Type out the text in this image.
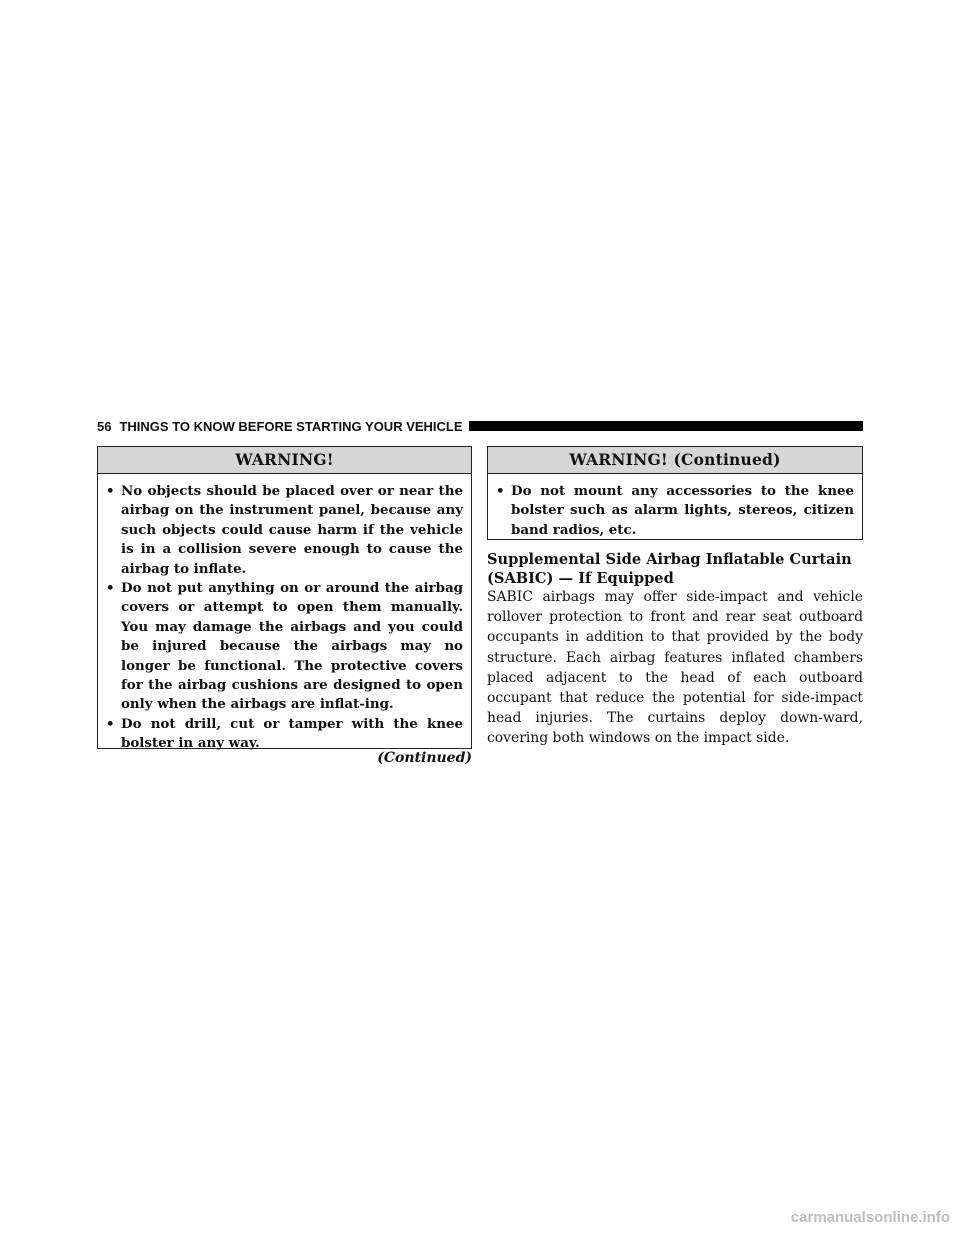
56 THINGS TO KNOW BEFORE STARTING YOUR VEHICLE
WARNING!
• No objects should be placed over or near the airbag on the instrument panel, because any such objects could cause harm if the vehicle is in a collision severe enough to cause the airbag to inflate.
• Do not put anything on or around the airbag covers or attempt to open them manually. You may damage the airbags and you could be injured because the airbags may no longer be functional. The protective covers for the airbag cushions are designed to open only when the airbags are inflat-ing.
• Do not drill, cut or tamper with the knee bolster in any way.
(Continued)
WARNING! (Continued)
• Do not mount any accessories to the knee bolster such as alarm lights, stereos, citizen band radios, etc.
Supplemental Side Airbag Inflatable Curtain (SABIC) — If Equipped

SABIC airbags may offer side-impact and vehicle rollover protection to front and rear seat outboard occupants in addition to that provided by the body structure. Each airbag features inflated chambers placed adjacent to the head of each outboard occupant that reduce the potential for side-impact head injuries. The curtains deploy down-ward, covering both windows on the impact side.

carmanualsonline.info
